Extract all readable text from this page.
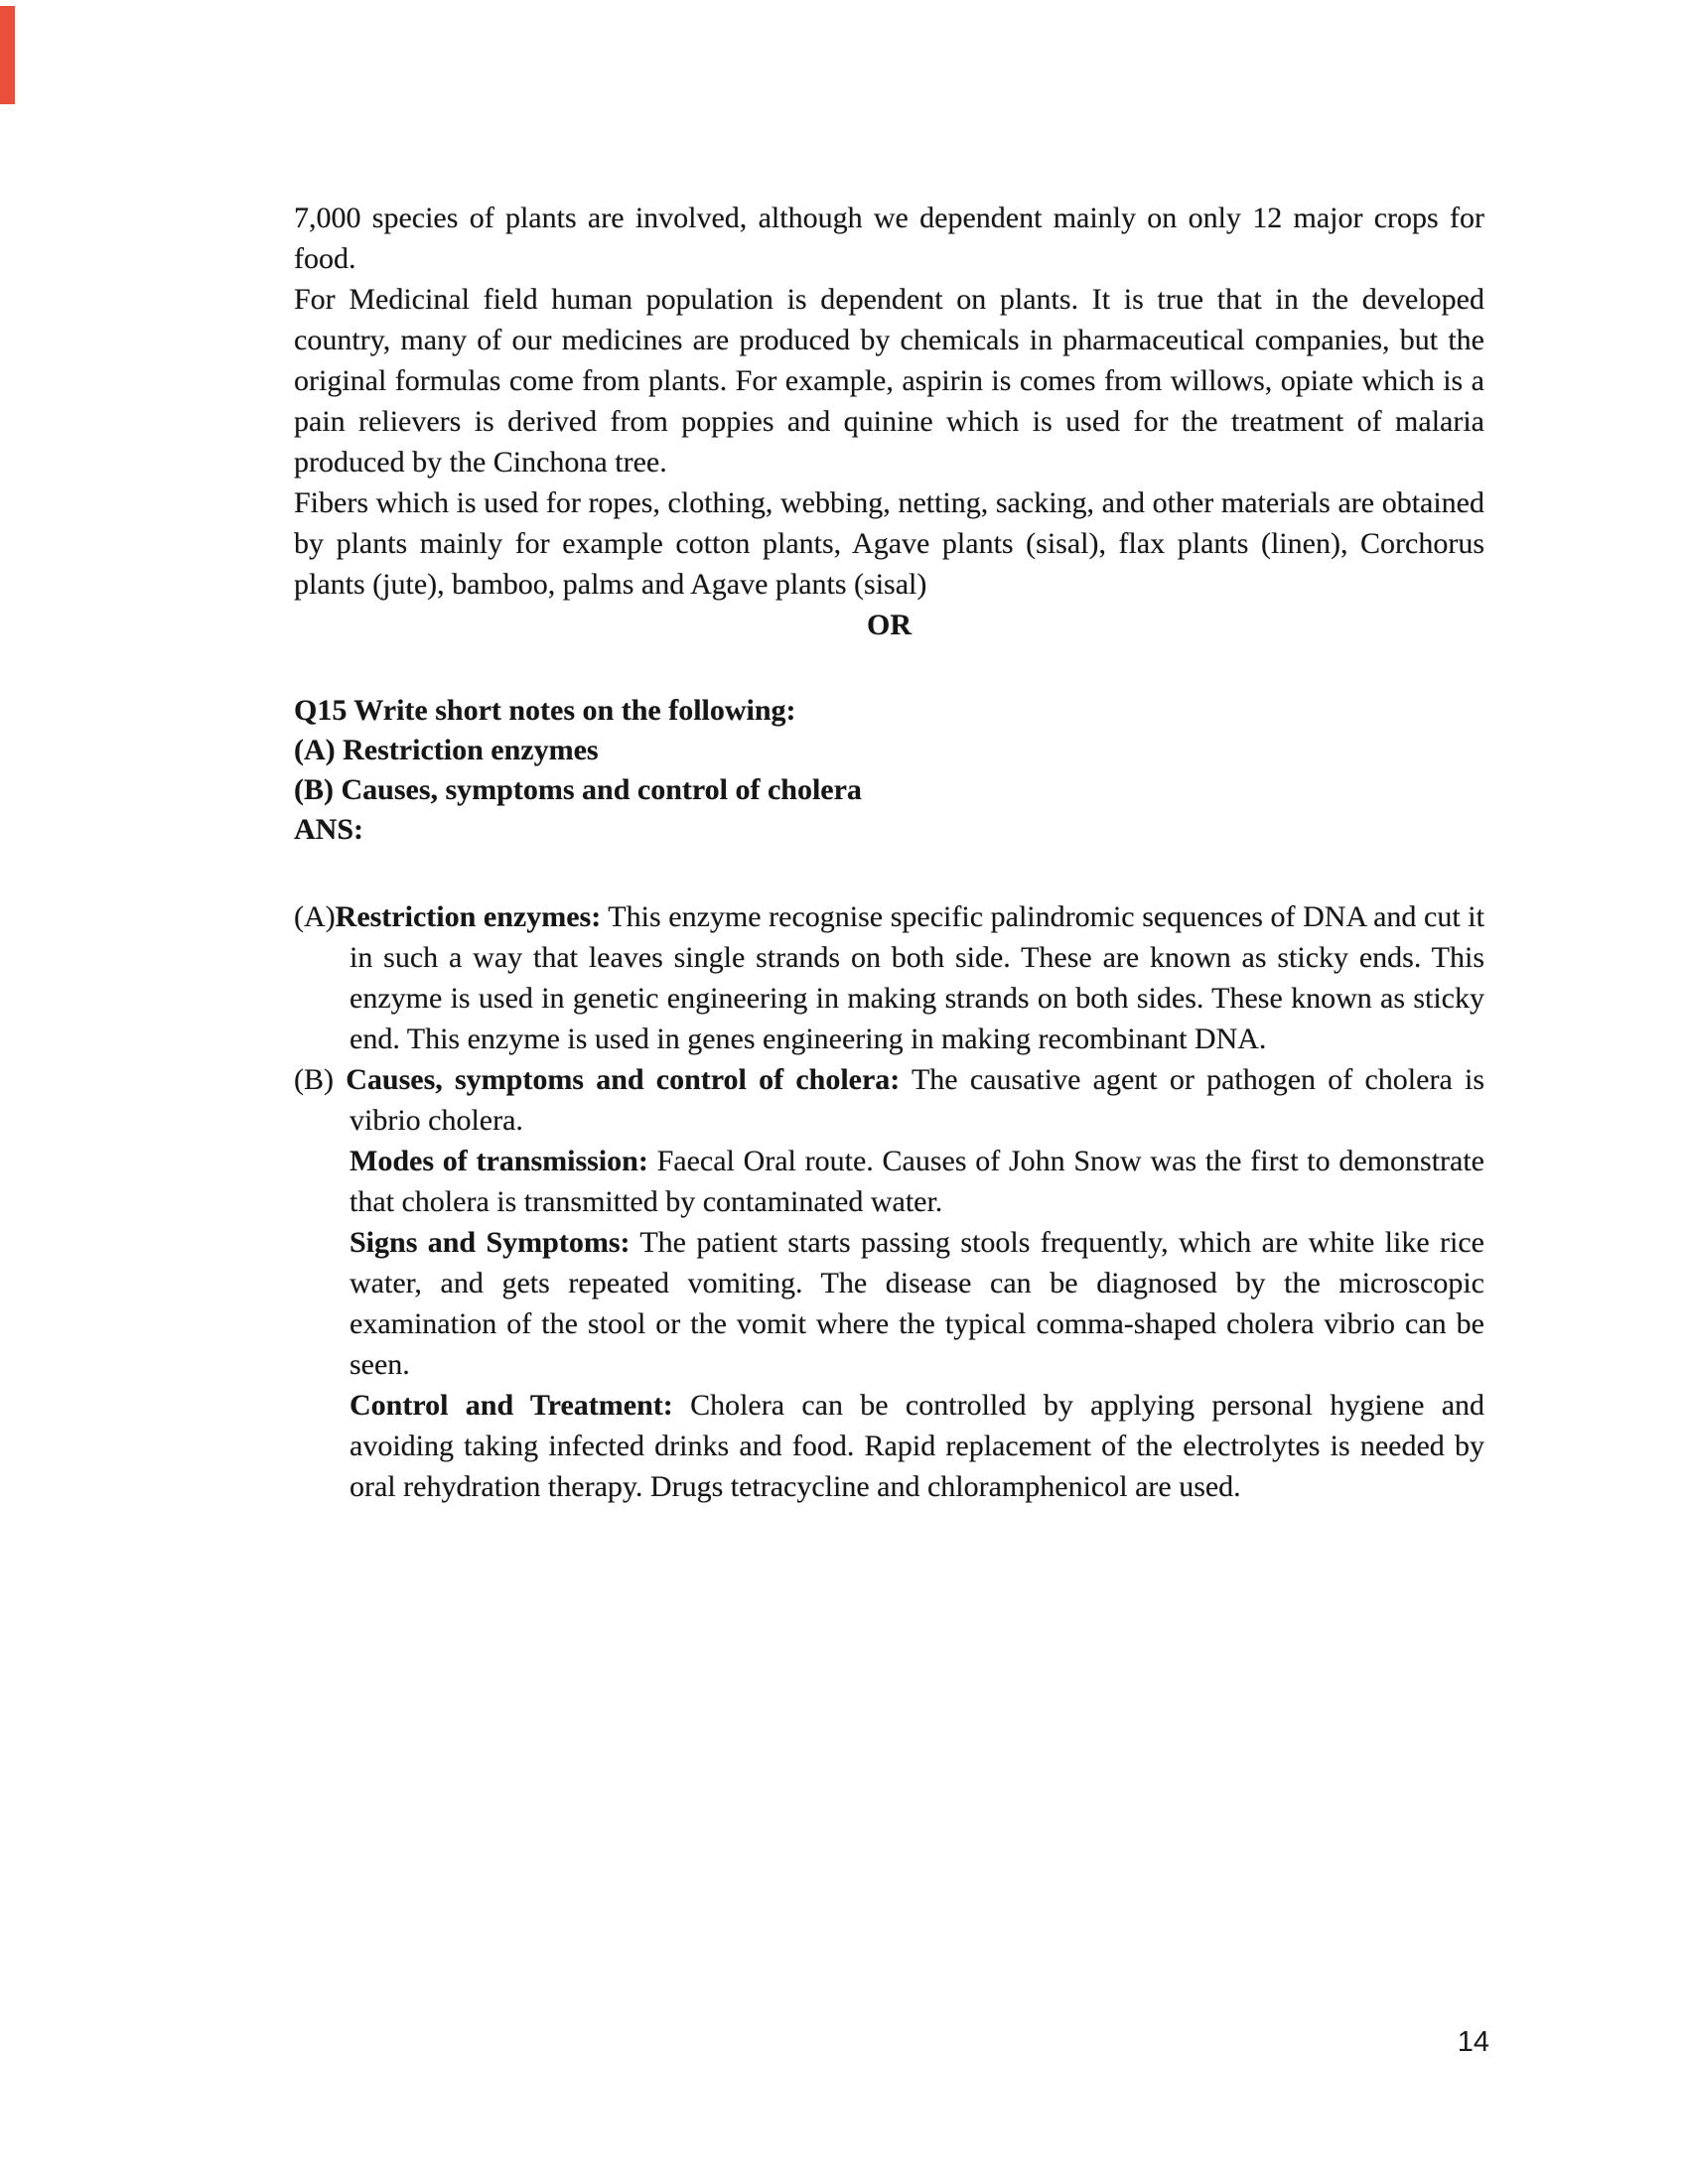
7,000 species of plants are involved, although we dependent mainly on only 12 major crops for food.

For Medicinal field human population is dependent on plants. It is true that in the developed country, many of our medicines are produced by chemicals in pharmaceutical companies, but the original formulas come from plants. For example, aspirin is comes from willows, opiate which is a pain relievers is derived from poppies and quinine which is used for the treatment of malaria produced by the Cinchona tree.

Fibers which is used for ropes, clothing, webbing, netting, sacking, and other materials are obtained by plants mainly for example cotton plants, Agave plants (sisal), flax plants (linen), Corchorus plants (jute), bamboo, palms and Agave plants (sisal)

OR

Q15 Write short notes on the following:
(A) Restriction enzymes
(B) Causes, symptoms and control of cholera
ANS:

(A)Restriction enzymes: This enzyme recognise specific palindromic sequences of DNA and cut it in such a way that leaves single strands on both side. These are known as sticky ends. This enzyme is used in genetic engineering in making strands on both sides. These known as sticky end. This enzyme is used in genes engineering in making recombinant DNA.

(B) Causes, symptoms and control of cholera: The causative agent or pathogen of cholera is vibrio cholera.

Modes of transmission: Faecal Oral route. Causes of John Snow was the first to demonstrate that cholera is transmitted by contaminated water.

Signs and Symptoms: The patient starts passing stools frequently, which are white like rice water, and gets repeated vomiting. The disease can be diagnosed by the microscopic examination of the stool or the vomit where the typical comma-shaped cholera vibrio can be seen.

Control and Treatment: Cholera can be controlled by applying personal hygiene and avoiding taking infected drinks and food. Rapid replacement of the electrolytes is needed by oral rehydration therapy. Drugs tetracycline and chloramphenicol are used.

14
